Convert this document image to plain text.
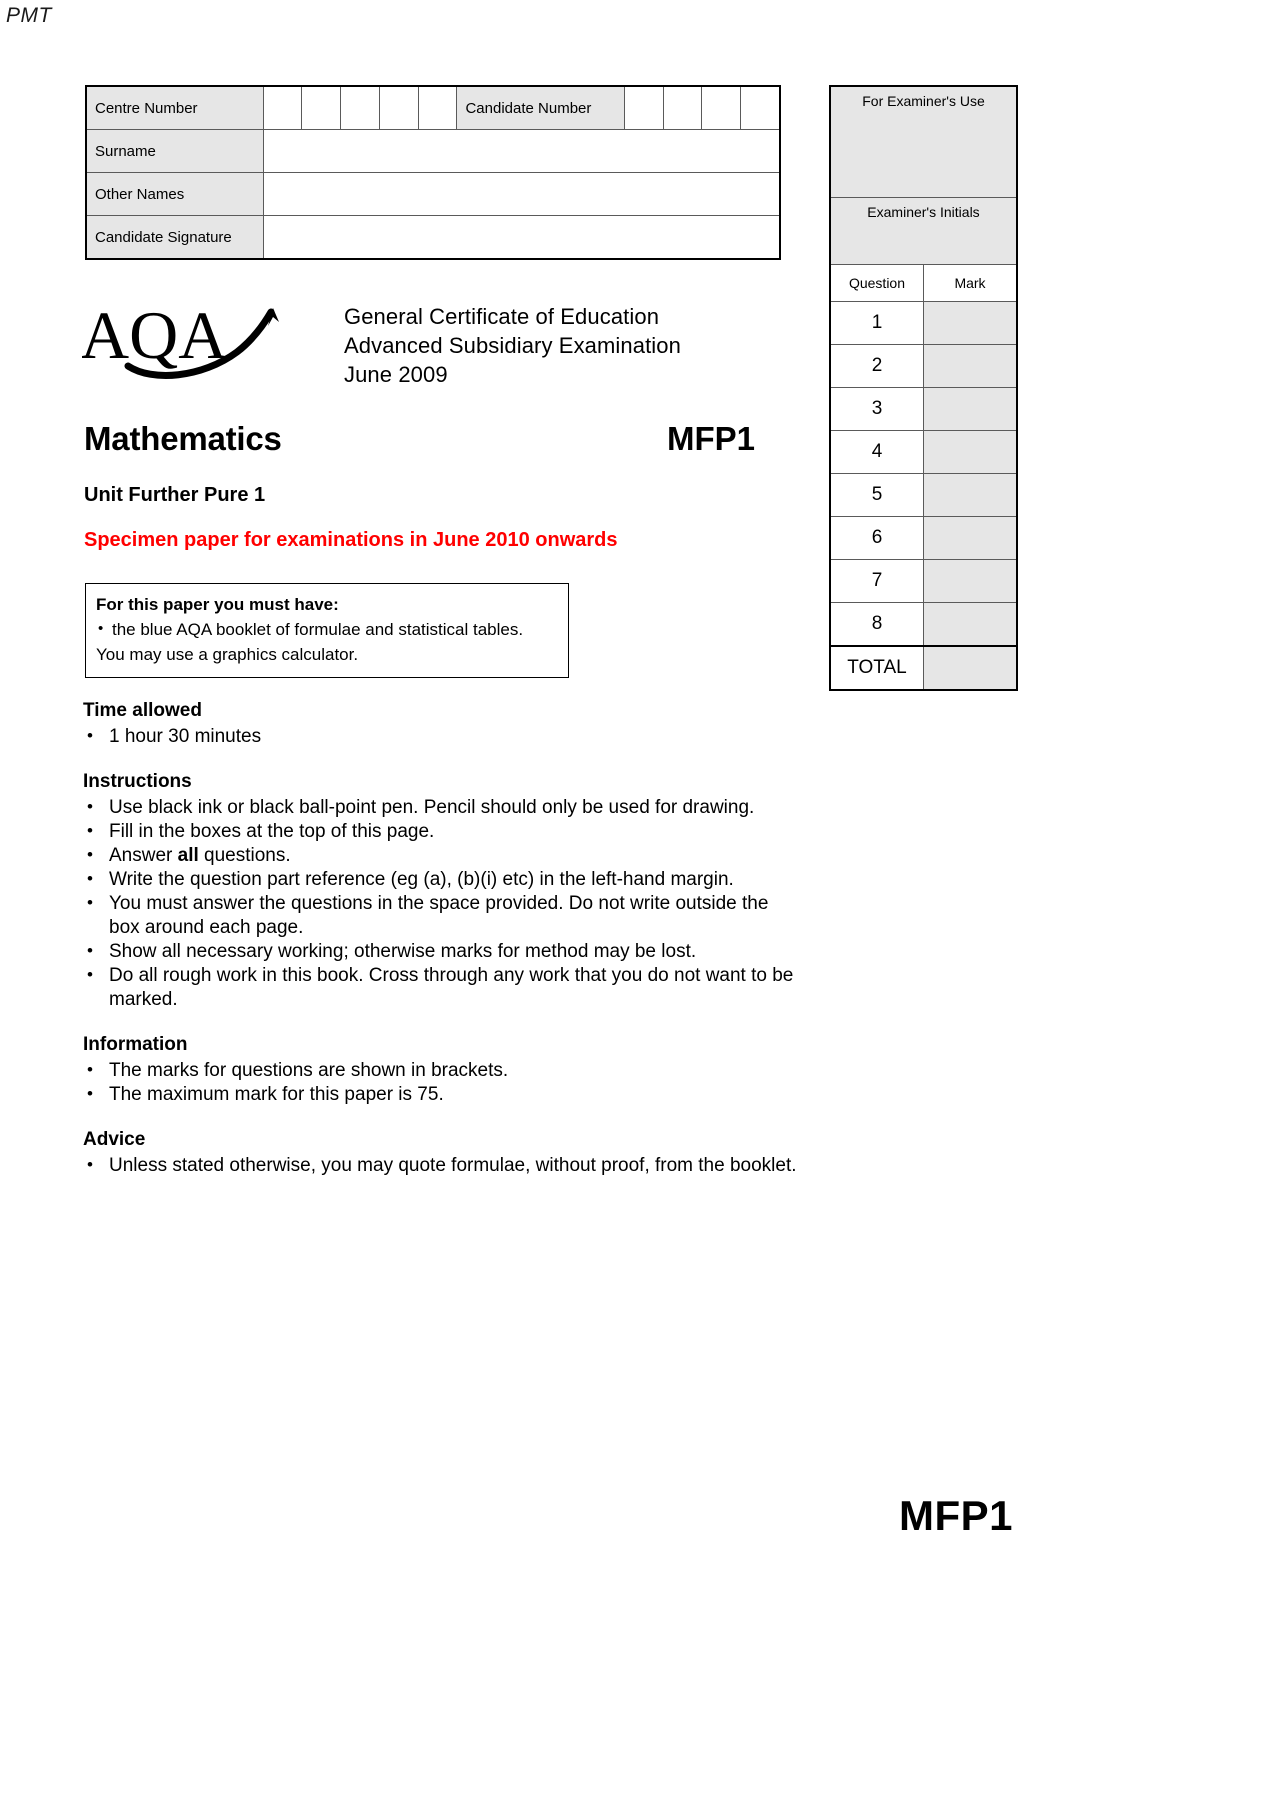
PMT
Centre Number						Candidate Number				
Surname										
Other Names										
Candidate Signature										
For Examiner's Use	
Examiner's Initials	
Question	Mark
1	
2	
3	
4	
5	
6	
7	
8	
TOTAL	
AQA	General Certificate of Education
Advanced Subsidiary Examination
June 2009
Mathematics	MFP1
Unit Further Pure 1
Specimen paper for examinations in June 2010 onwards
For this paper you must have:
• the blue AQA booklet of formulae and statistical tables.
You may use a graphics calculator.
Time allowed
• 1 hour 30 minutes
Instructions
• Use black ink or black ball-point pen. Pencil should only be used for drawing.
• Fill in the boxes at the top of this page.
• Answer all questions.
• Write the question part reference (eg (a), (b)(i) etc) in the left-hand margin.
• You must answer the questions in the space provided. Do not write outside the box around each page.
• Show all necessary working; otherwise marks for method may be lost.
• Do all rough work in this book. Cross through any work that you do not want to be marked.
Information
• The marks for questions are shown in brackets.
• The maximum mark for this paper is 75.
Advice
• Unless stated otherwise, you may quote formulae, without proof, from the booklet.
MFP1
